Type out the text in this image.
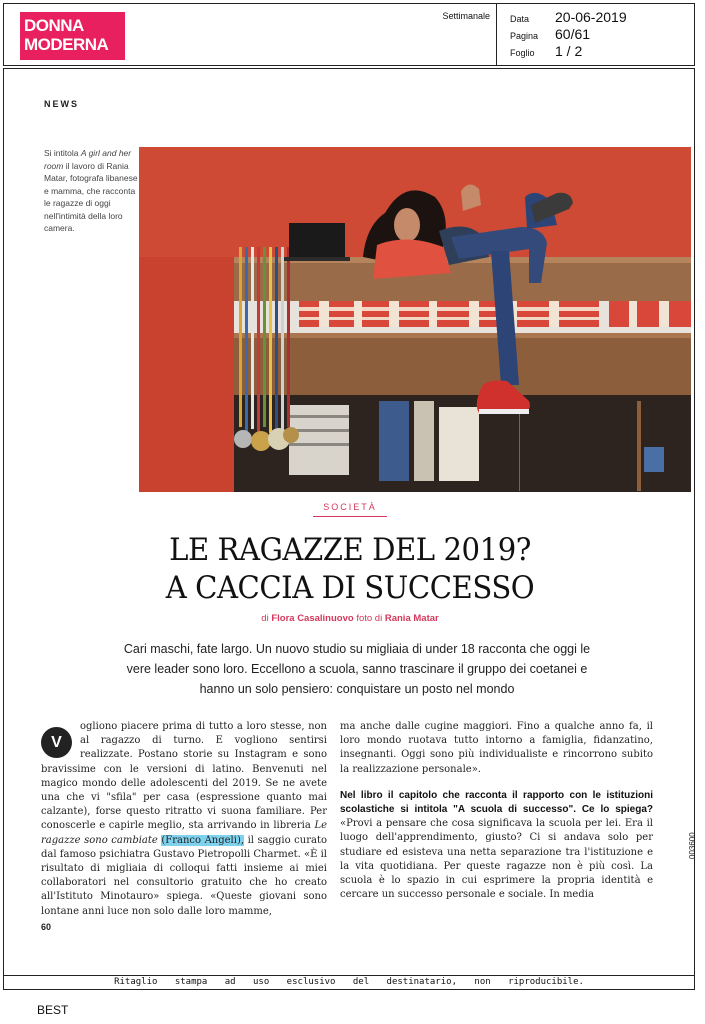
DONNA
MODERNA
Settimanale Data	20-06-2019
Pagina	60/61
Foglio	1 / 2
NEWS
Si intitola A girl and her room il lavoro di Rania Matar, fotografa libanese e mamma, che racconta le ragazze di oggi nell'intimità della loro camera.
SOCIETÀ
LE RAGAZZE DEL 2019?
A CACCIA DI SUCCESSO
di Flora Casalinuovo foto di Rania Matar
Cari maschi, fate largo. Un nuovo studio su migliaia di under 18 racconta che oggi le vere leader sono loro. Eccellono a scuola, sanno trascinare il gruppo dei coetanei e hanno un solo pensiero: conquistare un posto nel mondo

V
ogliono piacere prima di tutto a loro stesse, non al ragazzo di turno. E vogliono sentirsi realizzate. Postano storie su Instagram e sono bravissime con le versioni di latino. Benvenuti nel magico mondo delle adolescenti del 2019. Se ne avete una che vi "sfila" per casa (espressione quanto mai calzante), forse questo ritratto vi suona familiare. Per conoscerle e capirle meglio, sta arrivando in libreria Le ragazze sono cambiate (Franco Angeli), il saggio curato dal famoso psichiatra Gustavo Pietropolli Charmet. «È il risultato di migliaia di colloqui fatti insieme ai miei collaboratori nel consultorio gratuito che ho creato all'Istituto Minotauro» spiega. «Queste giovani sono lontane anni luce non solo dalle loro mamme,

ma anche dalle cugine maggiori. Fino a qualche anno fa, il loro mondo ruotava tutto intorno a famiglia, fidanzatino, insegnanti. Oggi sono più individualiste e rincorrono subito la realizzazione personale».

Nel libro il capitolo che racconta il rapporto con le istituzioni scolastiche si intitola "A scuola di successo". Ce lo spiega? «Provi a pensare che cosa significava la scuola per lei. Era il luogo dell'apprendimento, giusto? Ci si andava solo per studiare ed esisteva una netta separazione tra l'istituzione e la vita quotidiana. Per queste ragazze non è più così. La scuola è lo spazio in cui esprimere la propria identità e cercare un successo personale e sociale. In media

60
003600
Ritaglio stampa ad uso esclusivo del destinatario, non riproducibile.
BEST
